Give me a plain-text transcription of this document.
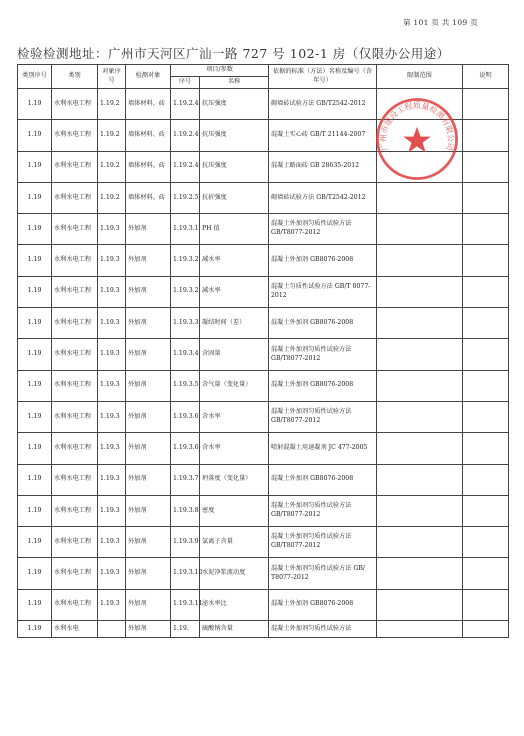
第 101 页 共 109 页
检验检测地址：广州市天河区广汕一路 727 号 102-1 房（仅限办公用途）
类别序号	类别	对象序号	检测对象	项目/参数		依据的标准（方法）名称及编号（含年号）	限制范围	说明
				序号	名称			
1.19	水利水电工程	1.19.2	墙体材料、砖	1.19.2.4	抗压强度	砌墙砖试验方法 GB/T2542-2012		
1.19	水利水电工程	1.19.2	墙体材料、砖	1.19.2.4	抗压强度	混凝土实心砖 GB/T 21144-2007		
1.19	水利水电工程	1.19.2	墙体材料、砖	1.19.2.4	抗压强度	混凝土路面砖 GB 28635-2012		
1.19	水利水电工程	1.19.2	墙体材料、砖	1.19.2.5	抗折强度	砌墙砖试验方法 GB/T2542-2012		
1.19	水利水电工程	1.19.3	外加剂	1.19.3.1	PH 值	混凝土外加剂匀质性试验方法 GB/T8077-2012		
1.19	水利水电工程	1.19.3	外加剂	1.19.3.2	减水率	混凝土外加剂 GB8076-2008		
1.19	水利水电工程	1.19.3	外加剂	1.19.3.2	减水率	混凝土匀质性试验方法 GB/T 8077-2012		
1.19	水利水电工程	1.19.3	外加剂	1.19.3.3	凝结时间（差）	混凝土外加剂 GB8076-2008		
1.19	水利水电工程	1.19.3	外加剂	1.19.3.4	含固量	混凝土外加剂匀质性试验方法 GB/T8077-2012		
1.19	水利水电工程	1.19.3	外加剂	1.19.3.5	含气量（变化量）	混凝土外加剂 GB8076-2008		
1.19	水利水电工程	1.19.3	外加剂	1.19.3.6	含水率	混凝土外加剂匀质性试验方法 GB/T8077-2012		
1.19	水利水电工程	1.19.3	外加剂	1.19.3.6	含水率	喷射混凝土用速凝剂 JC 477-2005		
1.19	水利水电工程	1.19.3	外加剂	1.19.3.7	坍落度（变化量）	混凝土外加剂 GB8076-2008		
1.19	水利水电工程	1.19.3	外加剂	1.19.3.8	密度	混凝土外加剂匀质性试验方法 GB/T8077-2012		
1.19	水利水电工程	1.19.3	外加剂	1.19.3.9	氯离子含量	混凝土外加剂匀质性试验方法 GB/T8077-2012		
1.19	水利水电工程	1.19.3	外加剂	1.19.3.10	水泥净浆流动度	混凝土外加剂匀质性试验方法 GB/ T8077-2012		
1.19	水利水电工程	1.19.3	外加剂	1.19.3.11	泌水率比	混凝土外加剂 GB8076-2008		
1.19	水利水电		外加剂	1.19.	硫酸钠含量	混凝土外加剂匀质性试验方法		
广州市建设工程质量检测有限公司
